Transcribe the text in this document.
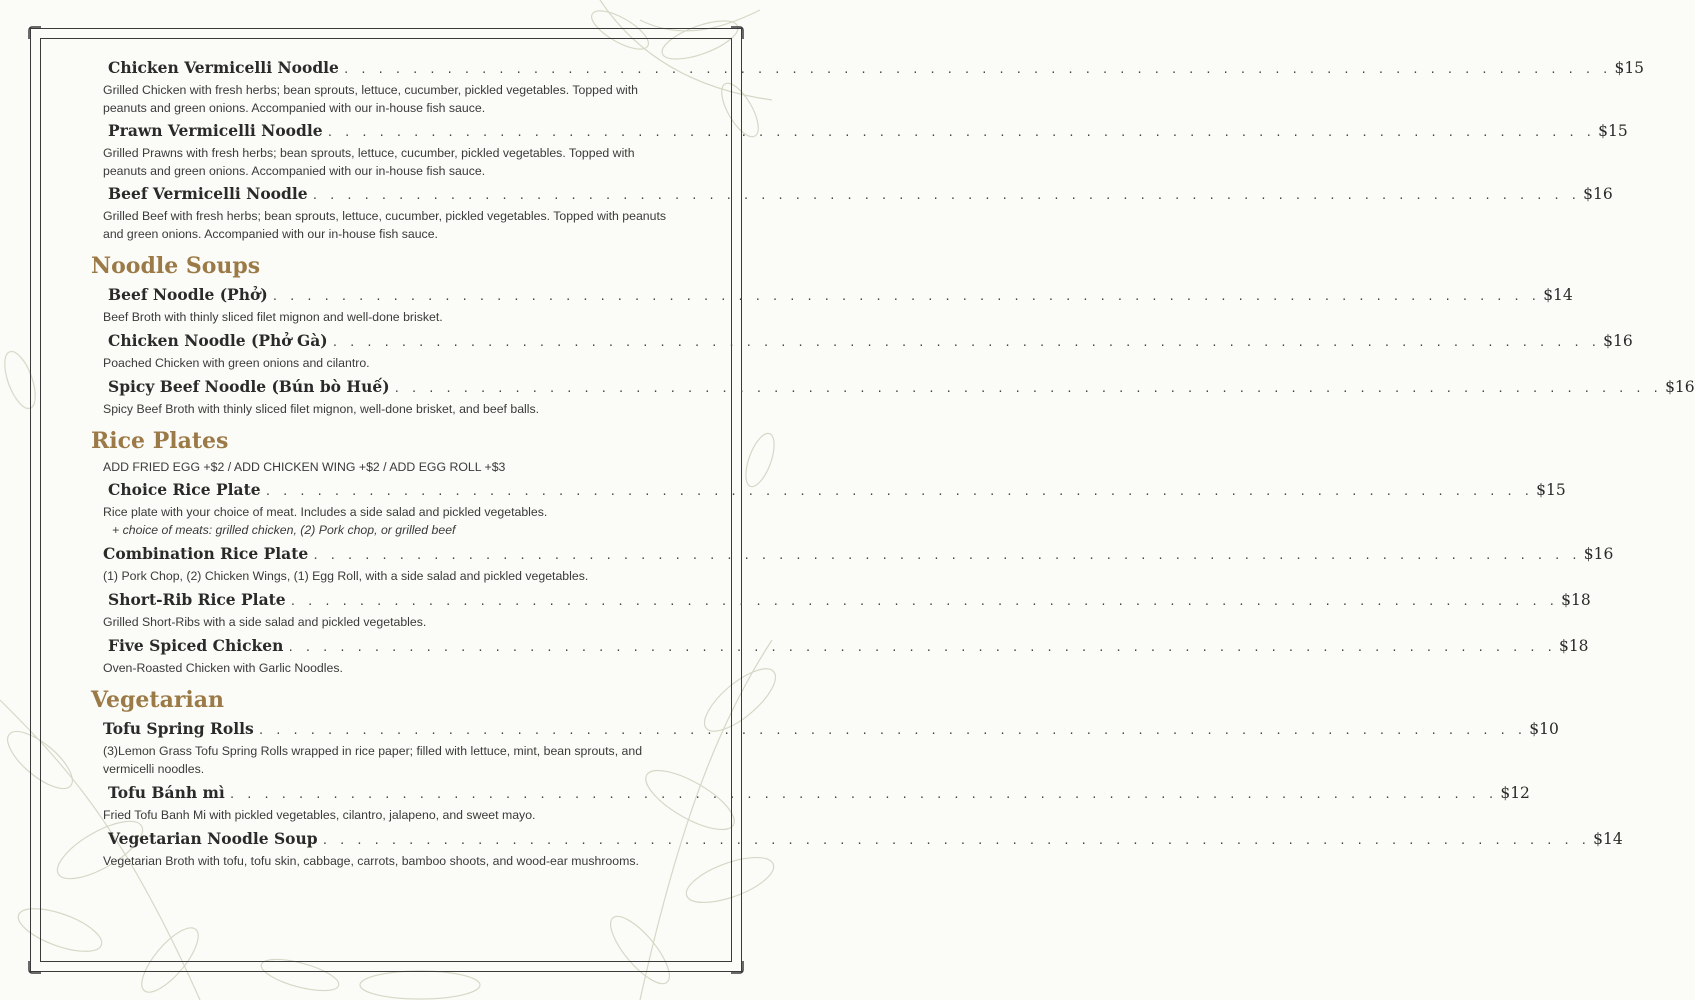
Chicken Vermicelli Noodle . . . . . . . . . . . . . . . . . . . . . . . . . . . . . . . . . . . . . . . . . . . . . . . . . . . . . . . . . . . . . . . . . . . . . . . . . . $15
Grilled Chicken with fresh herbs; bean sprouts, lettuce, cucumber, pickled vegetables. Topped with peanuts and green onions. Accompanied with our in-house fish sauce.
Prawn Vermicelli Noodle . . . . . . . . . . . . . . . . . . . . . . . . . . . . . . . . . . . . . . . . . . . . . . . . . . . . . . . . . . . . . . . . . . . . . . . . . . $15
Grilled Prawns with fresh herbs; bean sprouts, lettuce, cucumber, pickled vegetables. Topped with peanuts and green onions. Accompanied with our in-house fish sauce.
Beef Vermicelli Noodle . . . . . . . . . . . . . . . . . . . . . . . . . . . . . . . . . . . . . . . . . . . . . . . . . . . . . . . . . . . . . . . . . . . . . . . . . . $16
Grilled Beef with fresh herbs; bean sprouts, lettuce, cucumber, pickled vegetables. Topped with peanuts and green onions. Accompanied with our in-house fish sauce.
Noodle Soups
Beef Noodle (Phở) . . . . . . . . . . . . . . . . . . . . . . . . . . . . . . . . . . . . . . . . . . . . . . . . . . . . . . . . . . . . . . . . . . . . . . . . . . $14
Beef Broth with thinly sliced filet mignon and well-done brisket.
Chicken Noodle (Phở Gà) . . . . . . . . . . . . . . . . . . . . . . . . . . . . . . . . . . . . . . . . . . . . . . . . . . . . . . . . . . . . . . . . . . . . . . . . . . $16
Poached Chicken with green onions and cilantro.
Spicy Beef Noodle (Bún bò Huế) . . . . . . . . . . . . . . . . . . . . . . . . . . . . . . . . . . . . . . . . . . . . . . . . . . . . . . . . . . . . . . . . . . . . . . . . . . $16
Spicy Beef Broth with thinly sliced filet mignon, well-done brisket, and beef balls.
Rice Plates
ADD FRIED EGG +$2 / ADD CHICKEN WING +$2 / ADD EGG ROLL +$3
Choice Rice Plate . . . . . . . . . . . . . . . . . . . . . . . . . . . . . . . . . . . . . . . . . . . . . . . . . . . . . . . . . . . . . . . . . . . . . . . . . . $15
Rice plate with your choice of meat. Includes a side salad and pickled vegetables.
+ choice of meats: grilled chicken, (2) Pork chop, or grilled beef
Combination Rice Plate . . . . . . . . . . . . . . . . . . . . . . . . . . . . . . . . . . . . . . . . . . . . . . . . . . . . . . . . . . . . . . . . . . . . . . . . . . $16
(1) Pork Chop, (2) Chicken Wings, (1) Egg Roll, with a side salad and pickled vegetables.
Short-Rib Rice Plate . . . . . . . . . . . . . . . . . . . . . . . . . . . . . . . . . . . . . . . . . . . . . . . . . . . . . . . . . . . . . . . . . . . . . . . . . . $18
Grilled Short-Ribs with a side salad and pickled vegetables.
Five Spiced Chicken . . . . . . . . . . . . . . . . . . . . . . . . . . . . . . . . . . . . . . . . . . . . . . . . . . . . . . . . . . . . . . . . . . . . . . . . . . $18
Oven-Roasted Chicken with Garlic Noodles.
Vegetarian
Tofu Spring Rolls . . . . . . . . . . . . . . . . . . . . . . . . . . . . . . . . . . . . . . . . . . . . . . . . . . . . . . . . . . . . . . . . . . . . . . . . . . $10
(3)Lemon Grass Tofu Spring Rolls wrapped in rice paper; filled with lettuce, mint, bean sprouts, and vermicelli noodles.
Tofu Bánh mì . . . . . . . . . . . . . . . . . . . . . . . . . . . . . . . . . . . . . . . . . . . . . . . . . . . . . . . . . . . . . . . . . . . . . . . . . . $12
Fried Tofu Banh Mi with pickled vegetables, cilantro, jalapeno, and sweet mayo.
Vegetarian Noodle Soup . . . . . . . . . . . . . . . . . . . . . . . . . . . . . . . . . . . . . . . . . . . . . . . . . . . . . . . . . . . . . . . . . . . . . . . . . . $14
Vegetarian Broth with tofu, tofu skin, cabbage, carrots, bamboo shoots, and wood-ear mushrooms.
